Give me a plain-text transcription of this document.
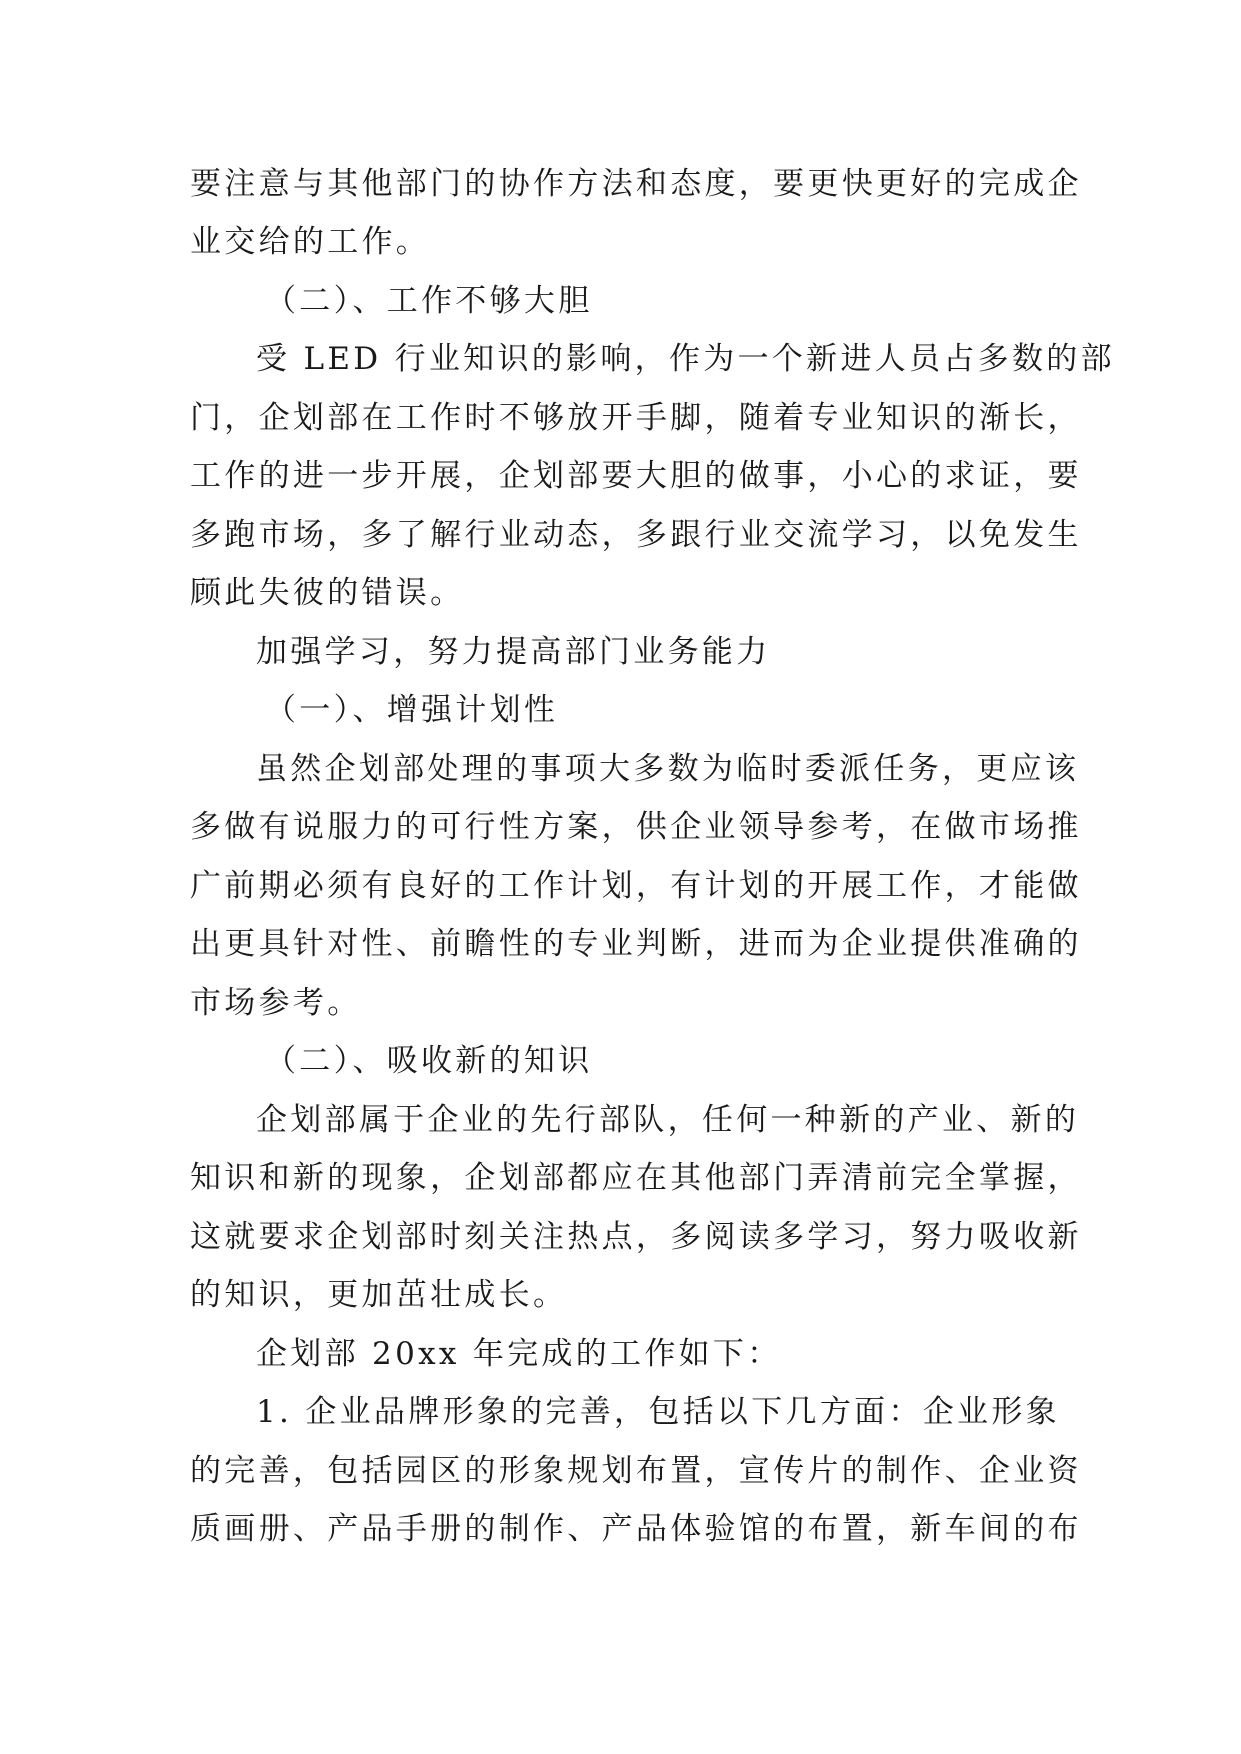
要注意与其他部门的协作方法和态度，要更快更好的完成企
业交给的工作。
（二）、工作不够大胆
受 LED 行业知识的影响，作为一个新进人员占多数的部
门，企划部在工作时不够放开手脚，随着专业知识的渐长，
工作的进一步开展，企划部要大胆的做事，小心的求证，要
多跑市场，多了解行业动态，多跟行业交流学习，以免发生
顾此失彼的错误。
加强学习，努力提高部门业务能力
（一）、增强计划性
虽然企划部处理的事项大多数为临时委派任务，更应该
多做有说服力的可行性方案，供企业领导参考，在做市场推
广前期必须有良好的工作计划，有计划的开展工作，才能做
出更具针对性、前瞻性的专业判断，进而为企业提供准确的
市场参考。
（二）、吸收新的知识
企划部属于企业的先行部队，任何一种新的产业、新的
知识和新的现象，企划部都应在其他部门弄清前完全掌握，
这就要求企划部时刻关注热点，多阅读多学习，努力吸收新
的知识，更加茁壮成长。
企划部 20xx 年完成的工作如下：
1. 企业品牌形象的完善，包括以下几方面：企业形象
的完善，包括园区的形象规划布置，宣传片的制作、企业资
质画册、产品手册的制作、产品体验馆的布置，新车间的布
